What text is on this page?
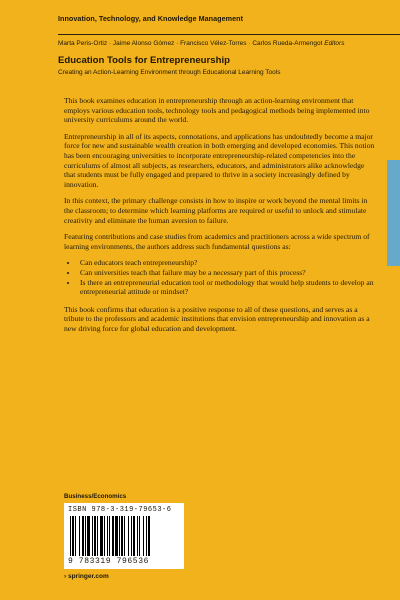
Innovation, Technology, and Knowledge Management
Marta Peris-Ortiz · Jaime Alonso Gómez · Francisco Vélez-Torres · Carlos Rueda-Armengot Editors
Education Tools for Entrepreneurship
Creating an Action-Learning Environment through Educational Learning Tools

This book examines education in entrepreneurship through an action-learning environment that employs various education tools, technology tools and pedagogical methods being implemented into university curriculums around the world.

Entrepreneurship in all of its aspects, connotations, and applications has undoubtedly become a major force for new and sustainable wealth creation in both emerging and developed economies. This notion has been encouraging universities to incorporate entrepreneurship-related competencies into the curriculums of almost all subjects, as researchers, educators, and administrators alike acknowledge that students must be fully engaged and prepared to thrive in a society increasingly defined by innovation.

In this context, the primary challenge consists in how to inspire or work beyond the mental limits in the classroom; to determine which learning platforms are required or useful to unlock and stimulate creativity and eliminate the human aversion to failure.

Featuring contributions and case studies from academics and practitioners across a wide spectrum of learning environments, the authors address such fundamental questions as:

• Can educators teach entrepreneurship?
• Can universities teach that failure may be a necessary part of this process?
• Is there an entrepreneurial education tool or methodology that would help students to develop an entrepreneurial attitude or mindset?

This book confirms that education is a positive response to all of these questions, and serves as a tribute to the professors and academic institutions that envision entrepreneurship and innovation as a new driving force for global education and development.

Business/Economics
ISBN 978-3-319-79653-6
9 783319 796536
› springer.com
